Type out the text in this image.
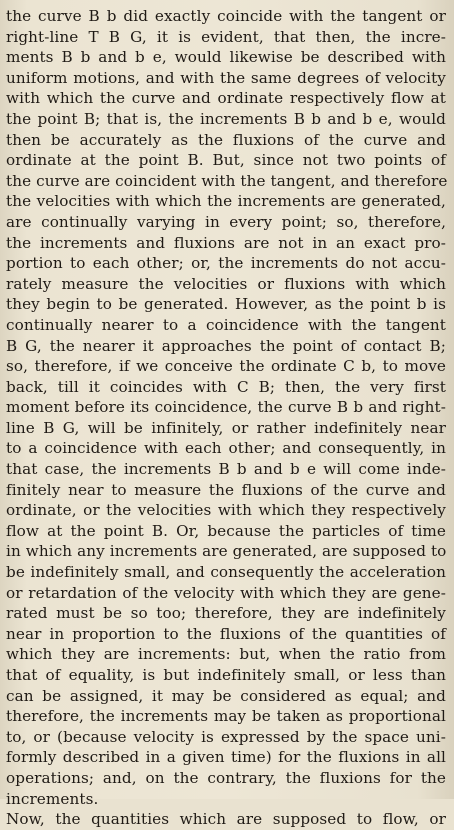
the curve B b did exactly coincide with the tangent or
right-line T B G, it is evident, that then, the incre-
ments B b and b e, would likewise be described with
uniform motions, and with the same degrees of velocity
with which the curve and ordinate respectively flow at
the point B; that is, the increments B b and b e, would
then be accurately as the fluxions of the curve and
ordinate at the point B. But, since not two points of
the curve are coincident with the tangent, and therefore
the velocities with which the increments are generated,
are continually varying in every point; so, therefore,
the increments and fluxions are not in an exact pro-
portion to each other; or, the increments do not accu-
rately measure the velocities or fluxions with which
they begin to be generated. However, as the point b is
continually nearer to a coincidence with the tangent
B G, the nearer it approaches the point of contact B;
so, therefore, if we conceive the ordinate C b, to move
back, till it coincides with C B; then, the very first
moment before its coincidence, the curve B b and right-
line B G, will be infinitely, or rather indefinitely near
to a coincidence with each other; and consequently, in
that case, the increments B b and b e will come inde-
finitely near to measure the fluxions of the curve and
ordinate, or the velocities with which they respectively
flow at the point B. Or, because the particles of time
in which any increments are generated, are supposed to
be indefinitely small, and consequently the acceleration
or retardation of the velocity with which they are gene-
rated must be so too; therefore, they are indefinitely
near in proportion to the fluxions of the quantities of
which they are increments: but, when the ratio from
that of equality, is but indefinitely small, or less than
can be assigned, it may be considered as equal; and
therefore, the increments may be taken as proportional
to, or (because velocity is expressed by the space uni-
formly described in a given time) for the fluxions in all
operations; and, on the contrary, the fluxions for the
increments.
Now, the quantities which are supposed to flow, or
